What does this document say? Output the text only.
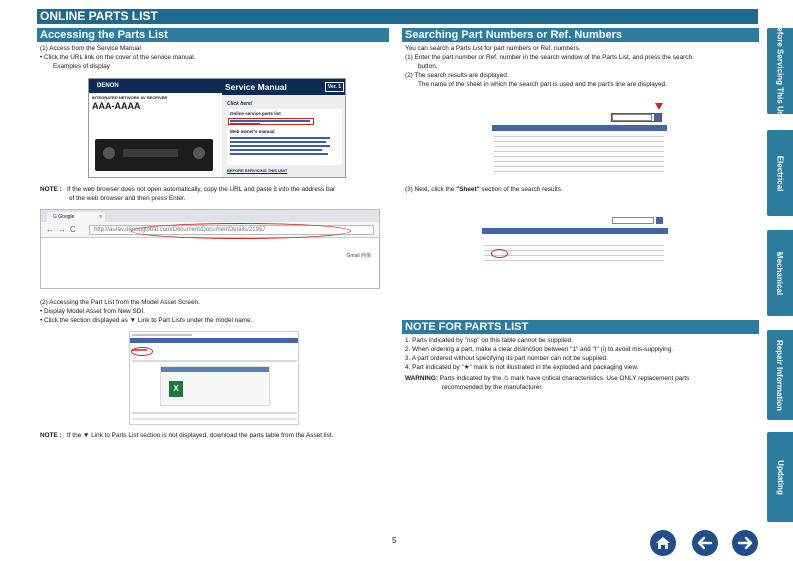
ONLINE PARTS LIST
Accessing the Parts List
(1) Access from the Service Manual
• Click the URL link on the cover of the service manual.
Examples of display
DENON
INTEGRATED NETWORK AV RECEIVER
AAA-AAAA
Service Manual	Ver. 1
Click here!
Online service parts list
Web owner's manual
BEFORE SERVICING THIS UNIT
NOTE : If the web browser does not open automatically, copy the URL and paste it into the address bar
of the web browser and then press Enter.
G Google	×
← → C	http://aurav.denonglobal.com/Document/DocumentDetails/21957
Gmail 画像
(2) Accessing the Part List from the Model Asset Screen.
• Display Model Asset from New SDI.
• Click the section displayed as ▼ Link to Part Lists under the model name.
X
NOTE : If the ▼ Link to Parts List section is not displayed, download the parts table from the Asset list.
Searching Part Numbers or Ref. Numbers
You can search a Parts List for part numbers or Ref. numbers.
(1) Enter the part number or Ref. number in the search window of the Parts List, and press the search
button.
(2) The search results are displayed.
The name of the sheet in which the search part is used and the part's line are displayed.
(3) Next, click the "Sheet" section of the search results.
NOTE FOR PARTS LIST
1. Parts indicated by "nsp" on this table cannot be supplied.
2. When ordering a part, make a clear distinction between "1" and "I" (i) to avoid mis-supplying.
3. A part ordered without specifying its part number can not be supplied.
4. Part indicated by "★" mark is not illustrated in the exploded and packaging view.
WARNING: Parts indicated by the ⚠ mark have critical characteristics. Use ONLY replacement parts
recommended by the manufacturer.
Before Servicing This Unit
Electrical
Mechanical
Repair Information
Updating
5
